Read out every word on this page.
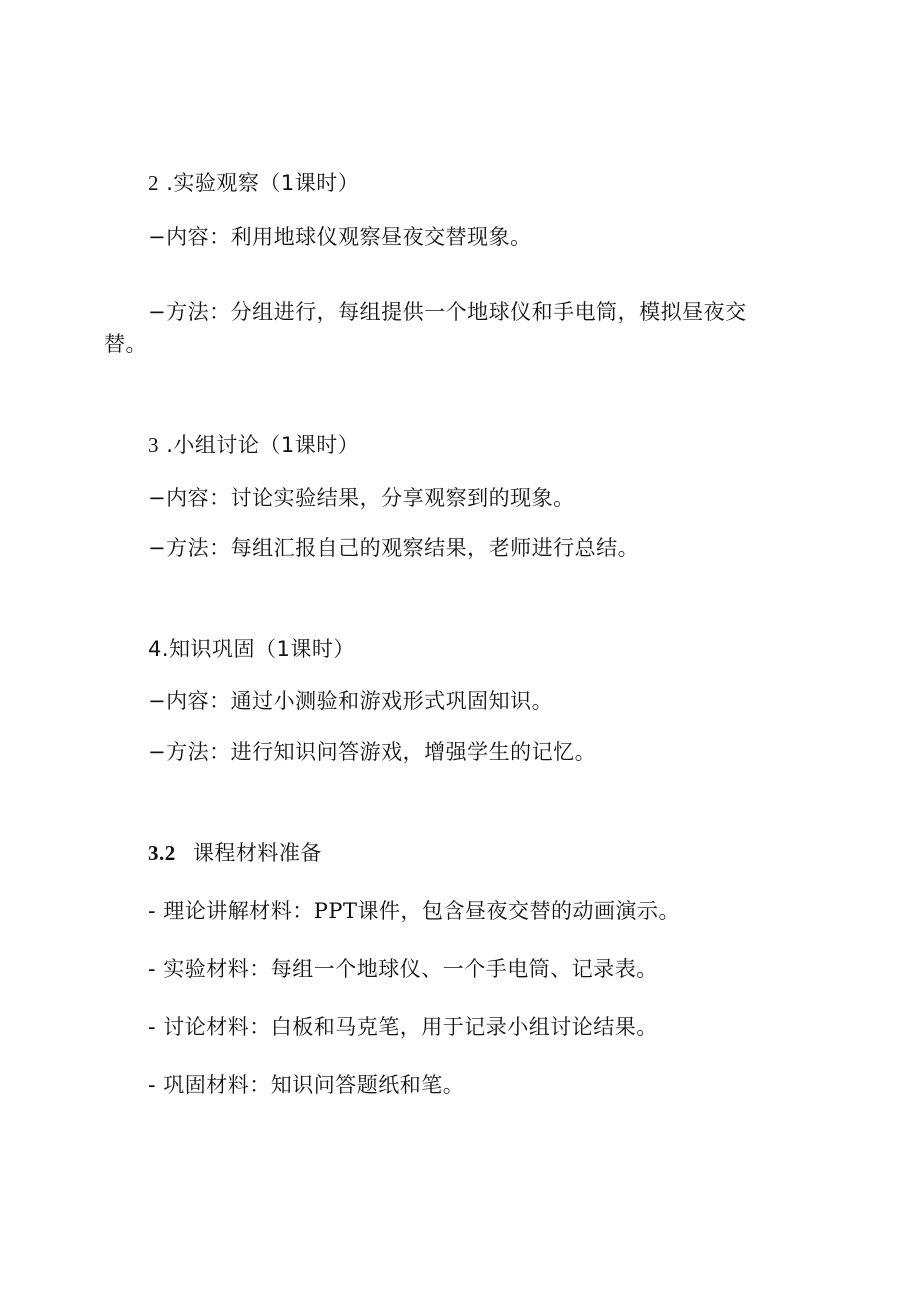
2 .实验观察（1课时）
−内容：利用地球仪观察昼夜交替现象。
−方法：分组进行，每组提供一个地球仪和手电筒，模拟昼夜交
替。
3 .小组讨论（1课时）
−内容：讨论实验结果，分享观察到的现象。
−方法：每组汇报自己的观察结果，老师进行总结。
4.知识巩固（1课时）
−内容：通过小测验和游戏形式巩固知识。
−方法：进行知识问答游戏，增强学生的记忆。
3.2 课程材料准备
- 理论讲解材料：PPT课件，包含昼夜交替的动画演示。
- 实验材料：每组一个地球仪、一个手电筒、记录表。
- 讨论材料：白板和马克笔，用于记录小组讨论结果。
- 巩固材料：知识问答题纸和笔。
